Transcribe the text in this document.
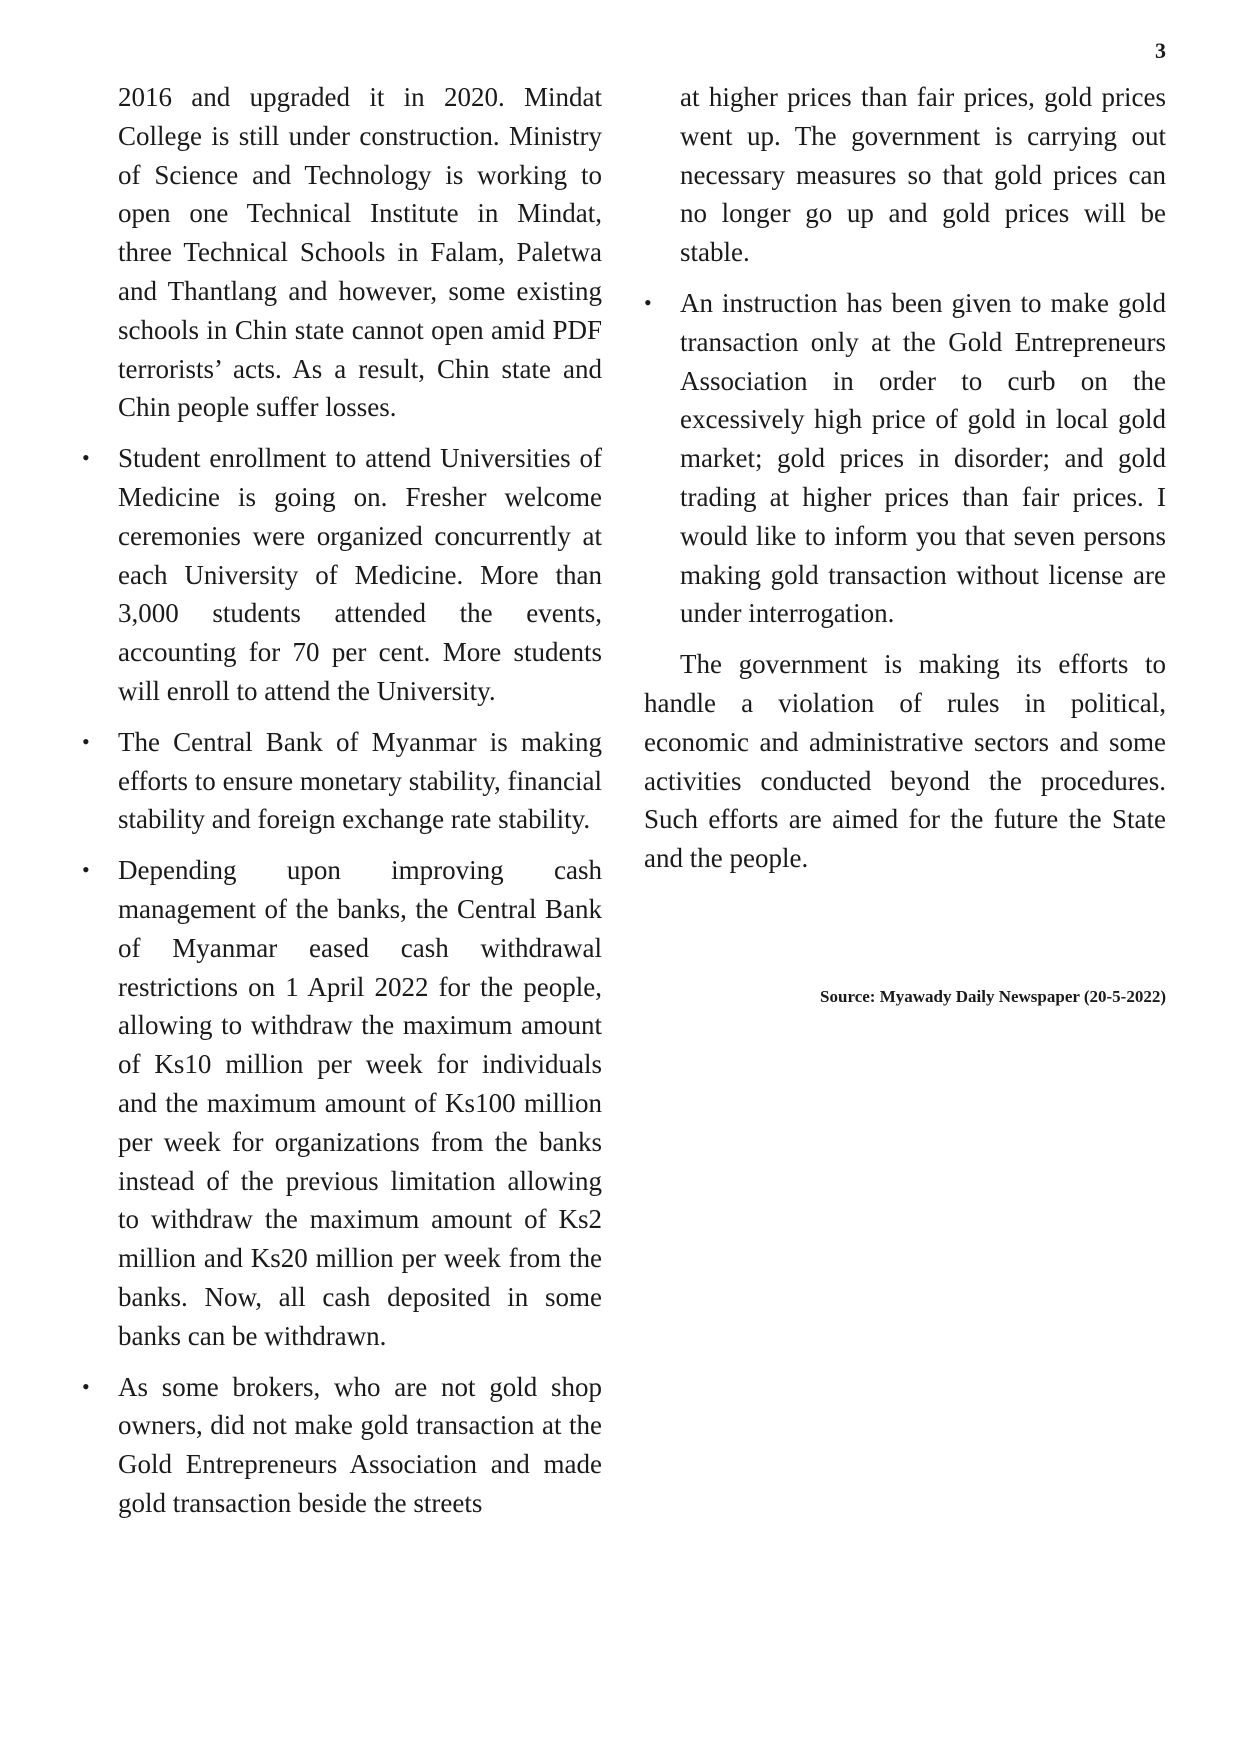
3

2016 and upgraded it in 2020. Mindat College is still under construction. Ministry of Science and Technology is working to open one Technical Institute in Mindat, three Technical Schools in Falam, Paletwa and Thantlang and however, some existing schools in Chin state cannot open amid PDF terrorists’ acts. As a result, Chin state and Chin people suffer losses.

•	Student enrollment to attend Universities of Medicine is going on. Fresher welcome ceremonies were organized concurrently at each University of Medicine. More than 3,000 students attended the events, accounting for 70 per cent. More students will enroll to attend the University.
•	The Central Bank of Myanmar is making efforts to ensure monetary stability, financial stability and foreign exchange rate stability.
•	Depending upon improving cash management of the banks, the Central Bank of Myanmar eased cash withdrawal restrictions on 1 April 2022 for the people, allowing to withdraw the maximum amount of Ks10 million per week for individuals and the maximum amount of Ks100 million per week for organizations from the banks instead of the previous limitation allowing to withdraw the maximum amount of Ks2 million and Ks20 million per week from the banks. Now, all cash deposited in some banks can be withdrawn.
•	As some brokers, who are not gold shop owners, did not make gold transaction at the Gold Entrepreneurs Association and made gold transaction beside the streets

at higher prices than fair prices, gold prices went up. The government is carrying out necessary measures so that gold prices can no longer go up and gold prices will be stable.

•	An instruction has been given to make gold transaction only at the Gold Entrepreneurs Association in order to curb on the excessively high price of gold in local gold market; gold prices in disorder; and gold trading at higher prices than fair prices. I would like to inform you that seven persons making gold transaction without license are under interrogation.

The government is making its efforts to handle a violation of rules in political, economic and administrative sectors and some activities conducted beyond the procedures. Such efforts are aimed for the future the State and the people.

Source: Myawady Daily Newspaper (20-5-2022)
